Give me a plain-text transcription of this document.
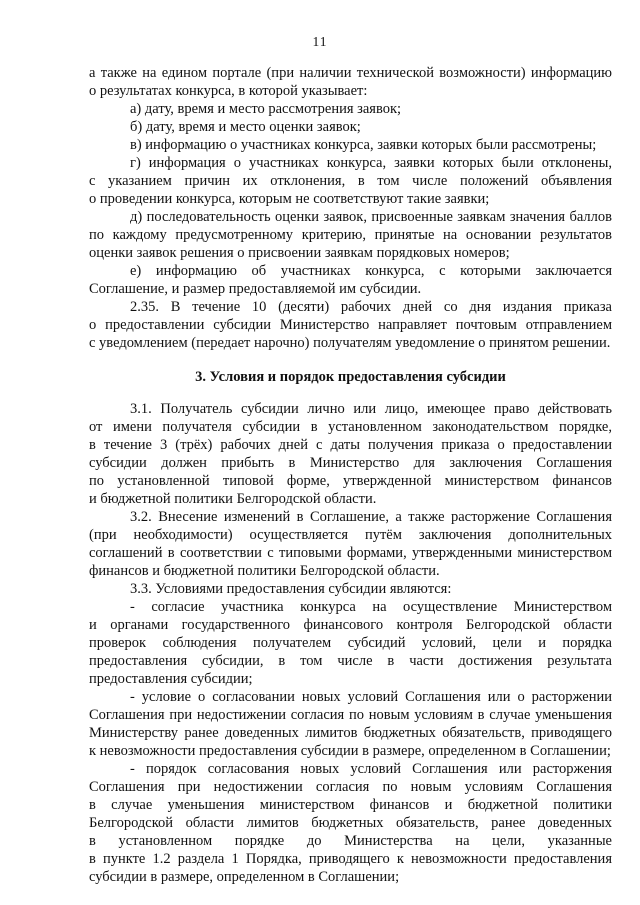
11

а также на едином портале (при наличии технической возможности) информацию

о результатах конкурса, в которой указывает:

а) дату, время и место рассмотрения заявок;

б) дату, время и место оценки заявок;

в) информацию о участниках конкурса, заявки которых были рассмотрены;

г) информация о участниках конкурса, заявки которых были отклонены,

с указанием причин их отклонения, в том числе положений объявления

о проведении конкурса, которым не соответствуют такие заявки;

д) последовательность оценки заявок, присвоенные заявкам значения баллов

по каждому предусмотренному критерию, принятые на основании результатов

оценки заявок решения о присвоении заявкам порядковых номеров;

е) информацию об участниках конкурса, с которыми заключается

Соглашение, и размер предоставляемой им субсидии.

2.35. В течение 10 (десяти) рабочих дней со дня издания приказа

о предоставлении субсидии Министерство направляет почтовым отправлением

с уведомлением (передает нарочно) получателям уведомление о принятом решении.

3. Условия и порядок предоставления субсидии

3.1. Получатель субсидии лично или лицо, имеющее право действовать

от имени получателя субсидии в установленном законодательством порядке,

в течение 3 (трёх) рабочих дней с даты получения приказа о предоставлении

субсидии должен прибыть в Министерство для заключения Соглашения

по установленной типовой форме, утвержденной министерством финансов

и бюджетной политики Белгородской области.

3.2. Внесение изменений в Соглашение, а также расторжение Соглашения

(при необходимости) осуществляется путём заключения дополнительных

соглашений в соответствии с типовыми формами, утвержденными министерством

финансов и бюджетной политики Белгородской области.

3.3. Условиями предоставления субсидии являются:

- согласие участника конкурса на осуществление Министерством

и органами государственного финансового контроля Белгородской области

проверок соблюдения получателем субсидий условий, цели и порядка

предоставления субсидии, в том числе в части достижения результата

предоставления субсидии;

- условие о согласовании новых условий Соглашения или о расторжении

Соглашения при недостижении согласия по новым условиям в случае уменьшения

Министерству ранее доведенных лимитов бюджетных обязательств, приводящего

к невозможности предоставления субсидии в размере, определенном в Соглашении;

- порядок согласования новых условий Соглашения или расторжения

Соглашения при недостижении согласия по новым условиям Соглашения

в случае уменьшения министерством финансов и бюджетной политики

Белгородской области лимитов бюджетных обязательств, ранее доведенных

в установленном порядке до Министерства на цели, указанные

в пункте 1.2 раздела 1 Порядка, приводящего к невозможности предоставления

субсидии в размере, определенном в Соглашении;
